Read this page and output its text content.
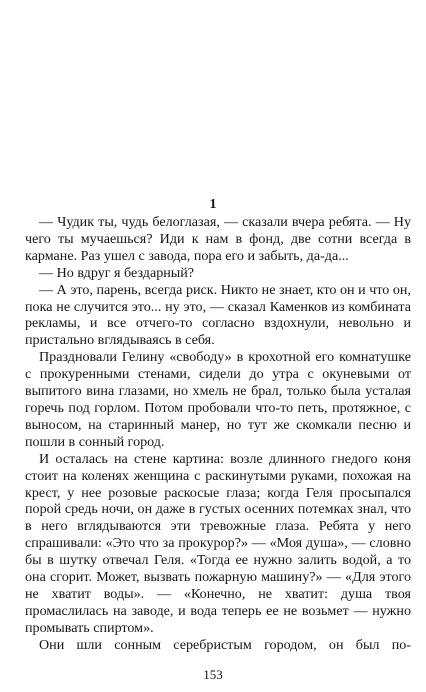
1

— Чудик ты, чудь белоглазая, — сказали вчера ребята. — Ну чего ты мучаешься? Иди к нам в фонд, две сотни всегда в кармане. Раз ушел с завода, пора его и забыть, да-да...

— Но вдруг я бездарный?

— А это, парень, всегда риск. Никто не знает, кто он и что он, пока не случится это... ну это, — сказал Каменков из комбината рекламы, и все отчего-то согласно вздохнули, невольно и пристально вглядываясь в себя.

Праздновали Гелину «свободу» в крохотной его комнатушке с прокуренными стенами, сидели до утра с окуневыми от выпитого вина глазами, но хмель не брал, только была усталая горечь под горлом. Потом пробовали что-то петь, протяжное, с выносом, на старинный манер, но тут же скомкали песню и пошли в сонный город.

И осталась на стене картина: возле длинного гнедого коня стоит на коленях женщина с раскинутыми руками, похожая на крест, у нее розовые раскосые глаза; когда Геля просыпался порой средь ночи, он даже в густых осенних потемках знал, что в него вглядываются эти тревожные глаза. Ребята у него спрашивали: «Это что за прокурор?» — «Моя душа», — словно бы в шутку отвечал Геля. «Тогда ее нужно залить водой, а то она сгорит. Может, вызвать пожарную машину?» — «Для этого не хватит воды». — «Конечно, не хватит: душа твоя промаслилась на заводе, и вода теперь ее не возьмет — нужно промывать спиртом».

Они шли сонным серебристым городом, он был по-

153
